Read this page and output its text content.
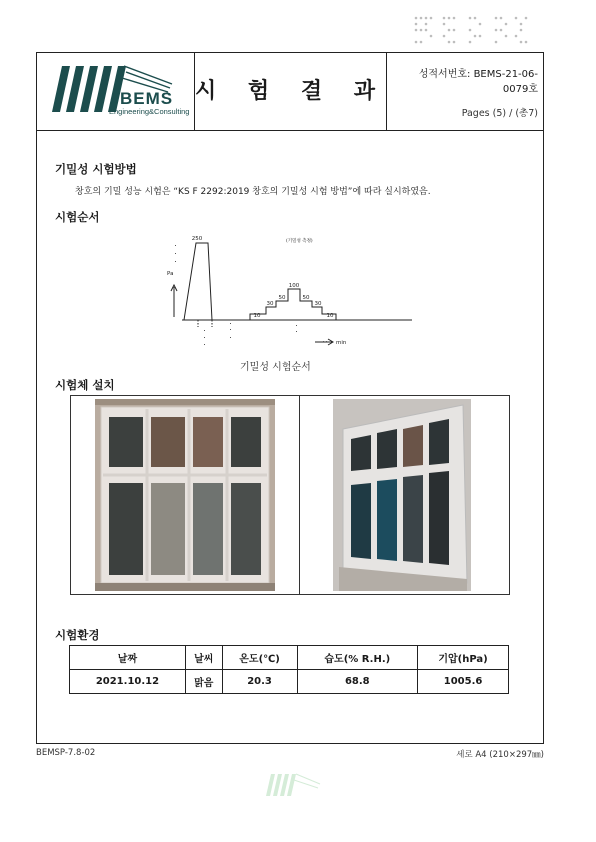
BEMS
Engineering&Consulting
시 험 결 과
성적서번호: BEMS-21-06-0079호
Pages (5) / (총7)
기밀성 시험방법
창호의 기밀 성능 시험은 “KS F 2292:2019 창호의 기밀성 시험 방법”에 따라 실시하였음.
시험순서
250
10
30
50
100
50
30
10
Pa
min
(기밀성 측정)
기밀성 시험순서
시험체 설치
시험환경
날짜	날씨	온도(℃)	습도(% R.H.)	기압(hPa)
2021.10.12	맑음	20.3	68.8	1005.6
BEMSP-7.8-02	세로 A4 (210×297㎜)
